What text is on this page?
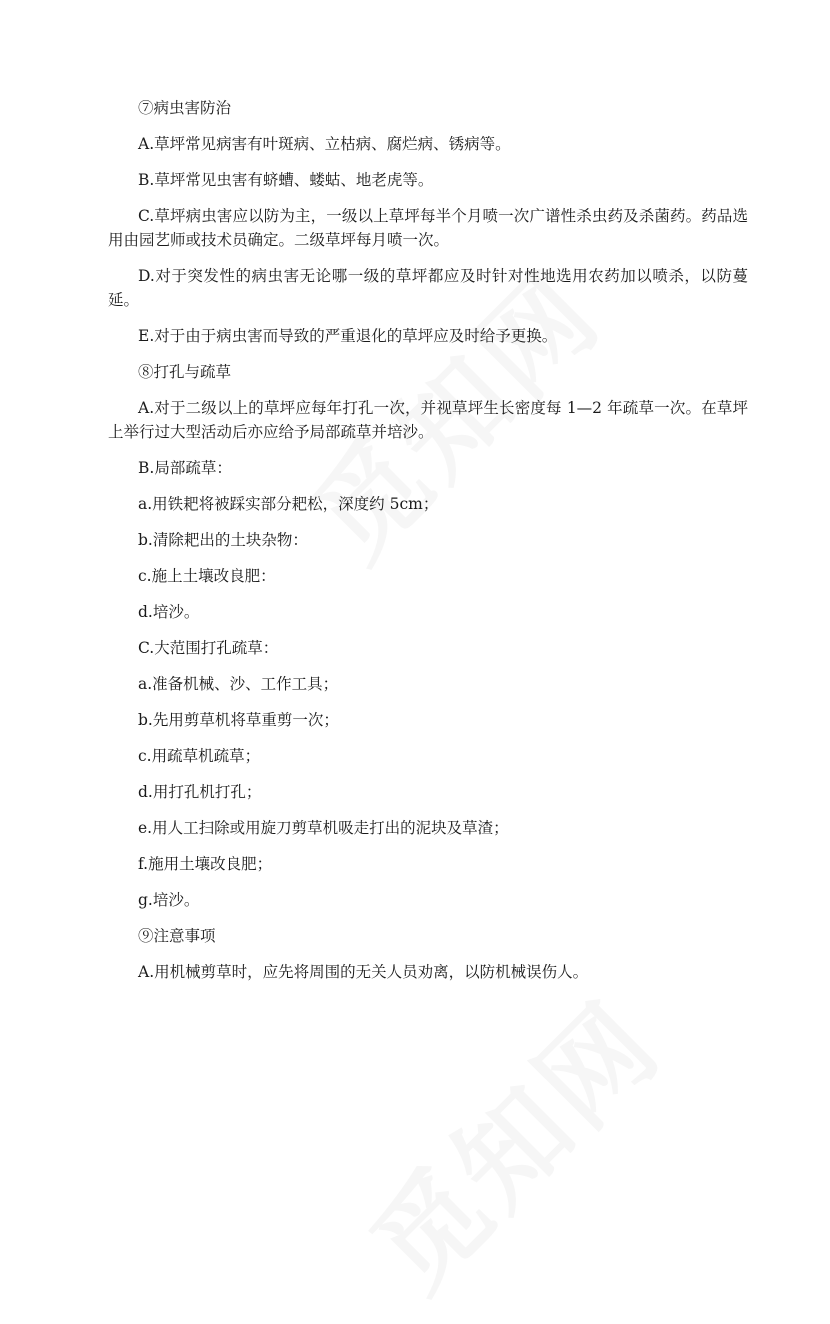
⑦病虫害防治

A.草坪常见病害有叶斑病、立枯病、腐烂病、锈病等。

B.草坪常见虫害有蛴螬、蝼蛄、地老虎等。

C.草坪病虫害应以防为主，一级以上草坪每半个月喷一次广谱性杀虫药及杀菌药。药品选用由园艺师或技术员确定。二级草坪每月喷一次。

D.对于突发性的病虫害无论哪一级的草坪都应及时针对性地选用农药加以喷杀，以防蔓延。

E.对于由于病虫害而导致的严重退化的草坪应及时给予更换。

⑧打孔与疏草

A.对于二级以上的草坪应每年打孔一次，并视草坪生长密度每 1—2 年疏草一次。在草坪上举行过大型活动后亦应给予局部疏草并培沙。

B.局部疏草：

a.用铁耙将被踩实部分耙松，深度约 5cm；

b.清除耙出的土块杂物：

c.施上土壤改良肥：

d.培沙。

C.大范围打孔疏草：

a.准备机械、沙、工作工具；

b.先用剪草机将草重剪一次；

c.用疏草机疏草；

d.用打孔机打孔；

e.用人工扫除或用旋刀剪草机吸走打出的泥块及草渣；

f.施用土壤改良肥；

g.培沙。

⑨注意事项

A.用机械剪草时，应先将周围的无关人员劝离，以防机械误伤人。
